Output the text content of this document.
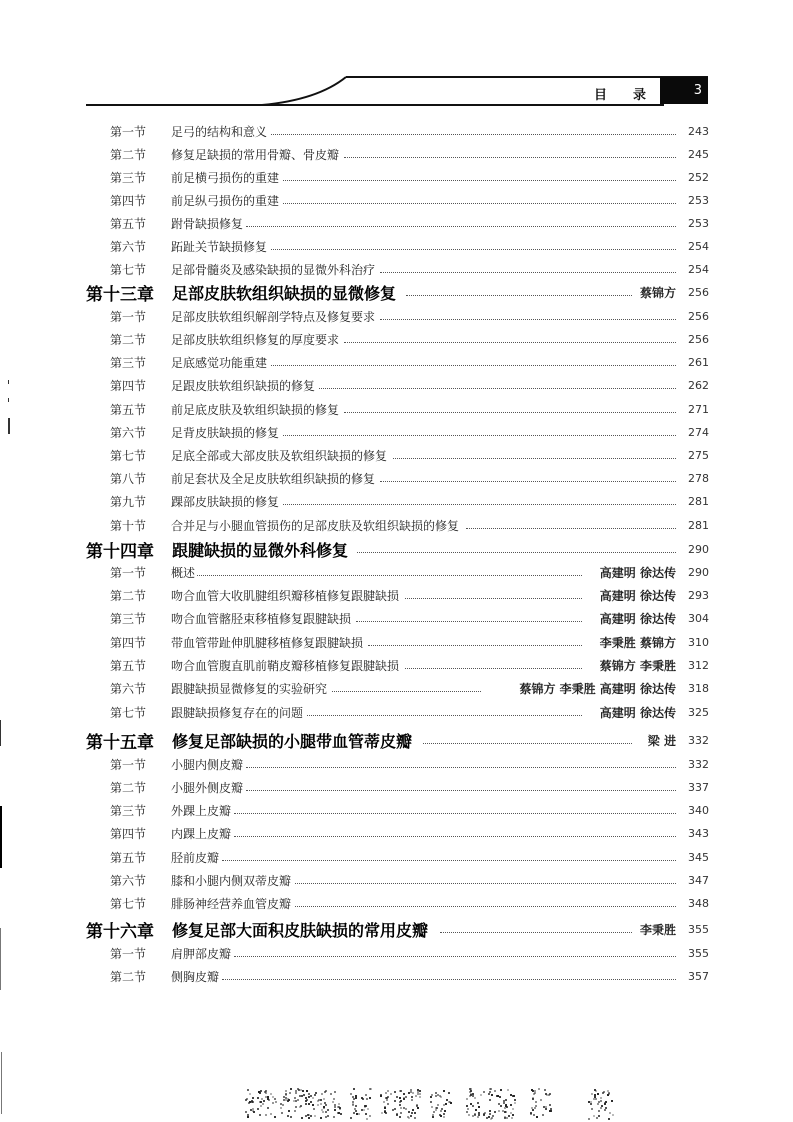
目 录	3
第一节 足弓的结构和意义	243
第二节 修复足缺损的常用骨瓣、骨皮瓣	245
第三节 前足横弓损伤的重建	252
第四节 前足纵弓损伤的重建	253
第五节 跗骨缺损修复	253
第六节 跖趾关节缺损修复	254
第七节 足部骨髓炎及感染缺损的显微外科治疗	254
第十三章 足部皮肤软组织缺损的显微修复	蔡锦方	256
第一节 足部皮肤软组织解剖学特点及修复要求	256
第二节 足部皮肤软组织修复的厚度要求	256
第三节 足底感觉功能重建	261
第四节 足跟皮肤软组织缺损的修复	262
第五节 前足底皮肤及软组织缺损的修复	271
第六节 足背皮肤缺损的修复	274
第七节 足底全部或大部皮肤及软组织缺损的修复	275
第八节 前足套状及全足皮肤软组织缺损的修复	278
第九节 踝部皮肤缺损的修复	281
第十节 合并足与小腿血管损伤的足部皮肤及软组织缺损的修复	281
第十四章 跟腱缺损的显微外科修复	290
第一节 概述	高建明 徐达传	290
第二节 吻合血管大收肌腱组织瓣移植修复跟腱缺损	高建明 徐达传	293
第三节 吻合血管髂胫束移植修复跟腱缺损	高建明 徐达传	304
第四节 带血管带趾伸肌腱移植修复跟腱缺损	李秉胜 蔡锦方	310
第五节 吻合血管腹直肌前鞘皮瓣移植修复跟腱缺损	蔡锦方 李秉胜	312
第六节 跟腱缺损显微修复的实验研究	蔡锦方 李秉胜 高建明 徐达传	318
第七节 跟腱缺损修复存在的问题	高建明 徐达传	325
第十五章 修复足部缺损的小腿带血管蒂皮瓣	梁 进	332
第一节 小腿内侧皮瓣	332
第二节 小腿外侧皮瓣	337
第三节 外踝上皮瓣	340
第四节 内踝上皮瓣	343
第五节 胫前皮瓣	345
第六节 膝和小腿内侧双蒂皮瓣	347
第七节 腓肠神经营养血管皮瓣	348
第十六章 修复足部大面积皮肤缺损的常用皮瓣	李秉胜	355
第一节 肩胛部皮瓣	355
第二节 侧胸皮瓣	357
